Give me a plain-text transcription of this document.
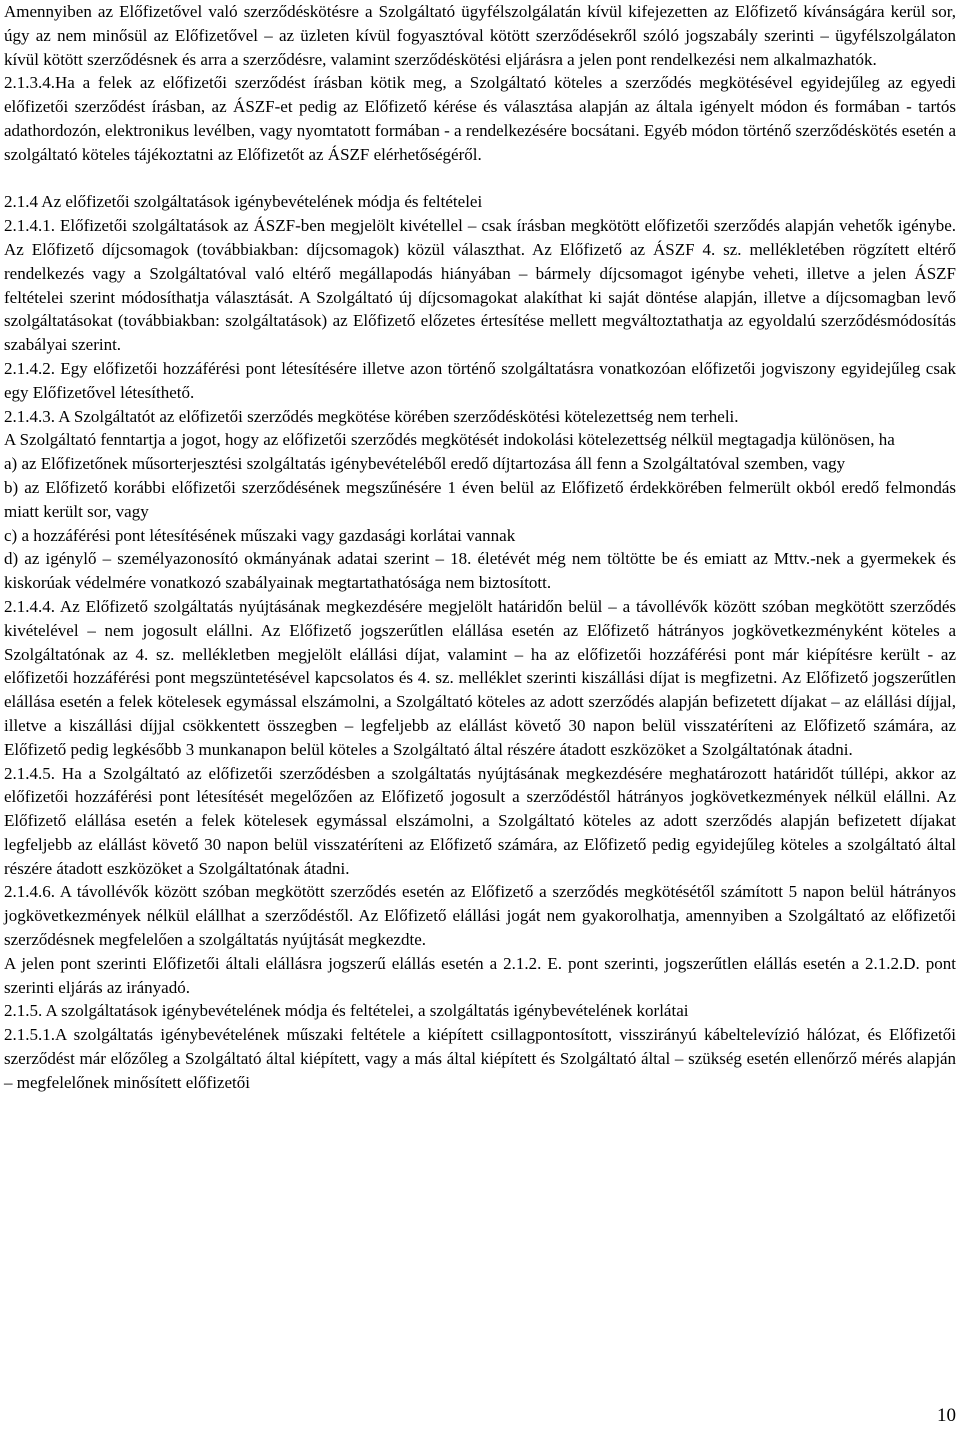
Amennyiben az Előfizetővel való szerződéskötésre a Szolgáltató ügyfélszolgálatán kívül kifejezetten az Előfizető kívánságára kerül sor, úgy az nem minősül az Előfizetővel – az üzleten kívül fogyasztóval kötött szerződésekről szóló jogszabály szerinti – ügyfélszolgálaton kívül kötött szerződésnek és arra a szerződésre, valamint szerződéskötési eljárásra a jelen pont rendelkezési nem alkalmazhatók.

2.1.3.4.Ha a felek az előfizetői szerződést írásban kötik meg, a Szolgáltató köteles a szerződés megkötésével egyidejűleg az egyedi előfizetői szerződést írásban, az ÁSZF-et pedig az Előfizető kérése és választása alapján az általa igényelt módon és formában - tartós adathordozón, elektronikus levélben, vagy nyomtatott formában - a rendelkezésére bocsátani. Egyéb módon történő szerződéskötés esetén a szolgáltató köteles tájékoztatni az Előfizetőt az ÁSZF elérhetőségéről.

2.1.4 Az előfizetői szolgáltatások igénybevételének módja és feltételei

2.1.4.1. Előfizetői szolgáltatások az ÁSZF-ben megjelölt kivétellel – csak írásban megkötött előfizetői szerződés alapján vehetők igénybe. Az Előfizető díjcsomagok (továbbiakban: díjcsomagok) közül választhat. Az Előfizető az ÁSZF 4. sz. mellékletében rögzített eltérő rendelkezés vagy a Szolgáltatóval való eltérő megállapodás hiányában – bármely díjcsomagot igénybe veheti, illetve a jelen ÁSZF feltételei szerint módosíthatja választását. A Szolgáltató új díjcsomagokat alakíthat ki saját döntése alapján, illetve a díjcsomagban levő szolgáltatásokat (továbbiakban: szolgáltatások) az Előfizető előzetes értesítése mellett megváltoztathatja az egyoldalú szerződésmódosítás szabályai szerint.

2.1.4.2. Egy előfizetői hozzáférési pont létesítésére illetve azon történő szolgáltatásra vonatkozóan előfizetői jogviszony egyidejűleg csak egy Előfizetővel létesíthető.

2.1.4.3. A Szolgáltatót az előfizetői szerződés megkötése körében szerződéskötési kötelezettség nem terheli.

A Szolgáltató fenntartja a jogot, hogy az előfizetői szerződés megkötését indokolási kötelezettség nélkül megtagadja különösen, ha

a) az Előfizetőnek műsorterjesztési szolgáltatás igénybevételéből eredő díjtartozása áll fenn a Szolgáltatóval szemben, vagy

b) az Előfizető korábbi előfizetői szerződésének megszűnésére 1 éven belül az Előfizető érdekkörében felmerült okból eredő felmondás miatt került sor, vagy

c) a hozzáférési pont létesítésének műszaki vagy gazdasági korlátai vannak

d) az igénylő – személyazonosító okmányának adatai szerint – 18. életévét még nem töltötte be és emiatt az Mttv.-nek a gyermekek és kiskorúak védelmére vonatkozó szabályainak megtartathatósága nem biztosított.

2.1.4.4. Az Előfizető szolgáltatás nyújtásának megkezdésére megjelölt határidőn belül – a távollévők között szóban megkötött szerződés kivételével – nem jogosult elállni. Az Előfizető jogszerűtlen elállása esetén az Előfizető hátrányos jogkövetkezményként köteles a Szolgáltatónak az 4. sz. mellékletben megjelölt elállási díjat, valamint – ha az előfizetői hozzáférési pont már kiépítésre került - az előfizetői hozzáférési pont megszüntetésével kapcsolatos és 4. sz. melléklet szerinti kiszállási díjat is megfizetni. Az Előfizető jogszerűtlen elállása esetén a felek kötelesek egymással elszámolni, a Szolgáltató köteles az adott szerződés alapján befizetett díjakat – az elállási díjjal, illetve a kiszállási díjjal csökkentett összegben – legfeljebb az elállást követő 30 napon belül visszatéríteni az Előfizető számára, az Előfizető pedig legkésőbb 3 munkanapon belül köteles a Szolgáltató által részére átadott eszközöket a Szolgáltatónak átadni.

2.1.4.5. Ha a Szolgáltató az előfizetői szerződésben a szolgáltatás nyújtásának megkezdésére meghatározott határidőt túllépi, akkor az előfizetői hozzáférési pont létesítését megelőzően az Előfizető jogosult a szerződéstől hátrányos jogkövetkezmények nélkül elállni. Az Előfizető elállása esetén a felek kötelesek egymással elszámolni, a Szolgáltató köteles az adott szerződés alapján befizetett díjakat legfeljebb az elállást követő 30 napon belül visszatéríteni az Előfizető számára, az Előfizető pedig egyidejűleg köteles a szolgáltató által részére átadott eszközöket a Szolgáltatónak átadni.

2.1.4.6. A távollévők között szóban megkötött szerződés esetén az Előfizető a szerződés megkötésétől számított 5 napon belül hátrányos jogkövetkezmények nélkül elállhat a szerződéstől. Az Előfizető elállási jogát nem gyakorolhatja, amennyiben a Szolgáltató az előfizetői szerződésnek megfelelően a szolgáltatás nyújtását megkezdte.

A jelen pont szerinti Előfizetői általi elállásra jogszerű elállás esetén a 2.1.2. E. pont szerinti, jogszerűtlen elállás esetén a 2.1.2.D. pont szerinti eljárás az irányadó.

2.1.5. A szolgáltatások igénybevételének módja és feltételei, a szolgáltatás igénybevételének korlátai

2.1.5.1.A szolgáltatás igénybevételének műszaki feltétele a kiépített csillagpontosított, visszirányú kábeltelevízió hálózat, és Előfizetői szerződést már előzőleg a Szolgáltató által kiépített, vagy a más által kiépített és Szolgáltató által – szükség esetén ellenőrző mérés alapján – megfelelőnek minősített előfizetői

10
